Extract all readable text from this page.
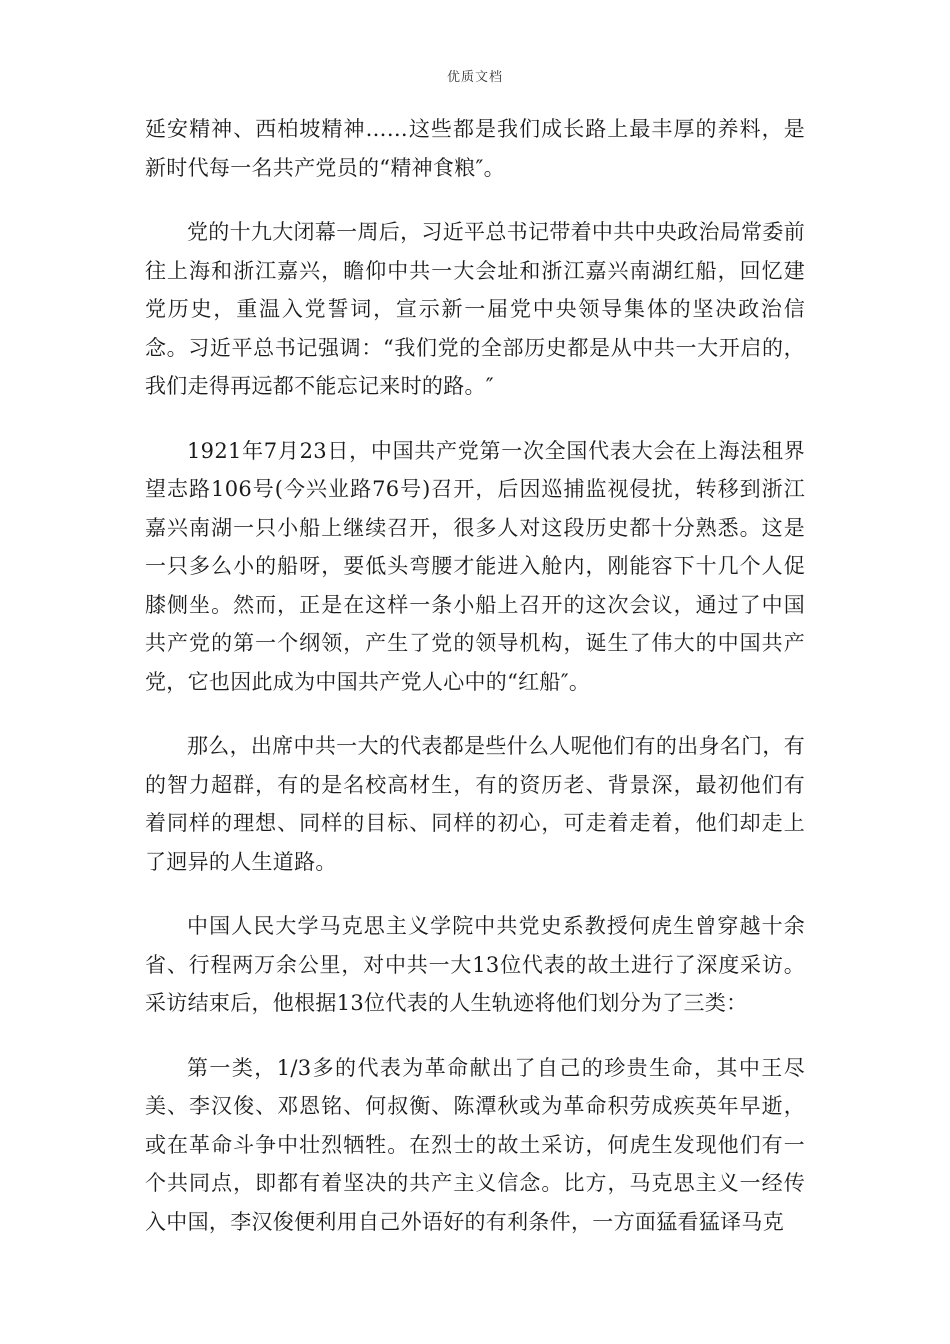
优质文档

延安精神、西柏坡精神……这些都是我们成长路上最丰厚的养料，是新时代每一名共产党员的“精神食粮″。

党的十九大闭幕一周后，习近平总书记带着中共中央政治局常委前往上海和浙江嘉兴，瞻仰中共一大会址和浙江嘉兴南湖红船，回忆建党历史，重温入党誓词，宣示新一届党中央领导集体的坚决政治信念。习近平总书记强调：“我们党的全部历史都是从中共一大开启的，我们走得再远都不能忘记来时的路。″

1921年7月23日，中国共产党第一次全国代表大会在上海法租界望志路106号(今兴业路76号)召开，后因巡捕监视侵扰，转移到浙江嘉兴南湖一只小船上继续召开，很多人对这段历史都十分熟悉。这是一只多么小的船呀，要低头弯腰才能进入舱内，刚能容下十几个人促膝侧坐。然而，正是在这样一条小船上召开的这次会议，通过了中国共产党的第一个纲领，产生了党的领导机构，诞生了伟大的中国共产党，它也因此成为中国共产党人心中的“红船″。

那么，出席中共一大的代表都是些什么人呢他们有的出身名门，有的智力超群，有的是名校高材生，有的资历老、背景深，最初他们有着同样的理想、同样的目标、同样的初心，可走着走着，他们却走上了迥异的人生道路。

中国人民大学马克思主义学院中共党史系教授何虎生曾穿越十余省、行程两万余公里，对中共一大13位代表的故土进行了深度采访。采访结束后，他根据13位代表的人生轨迹将他们划分为了三类：

第一类，1/3多的代表为革命献出了自己的珍贵生命，其中王尽美、李汉俊、邓恩铭、何叔衡、陈潭秋或为革命积劳成疾英年早逝，或在革命斗争中壮烈牺牲。在烈士的故土采访，何虎生发现他们有一个共同点，即都有着坚决的共产主义信念。比方，马克思主义一经传入中国，李汉俊便利用自己外语好的有利条件，一方面猛看猛译马克
